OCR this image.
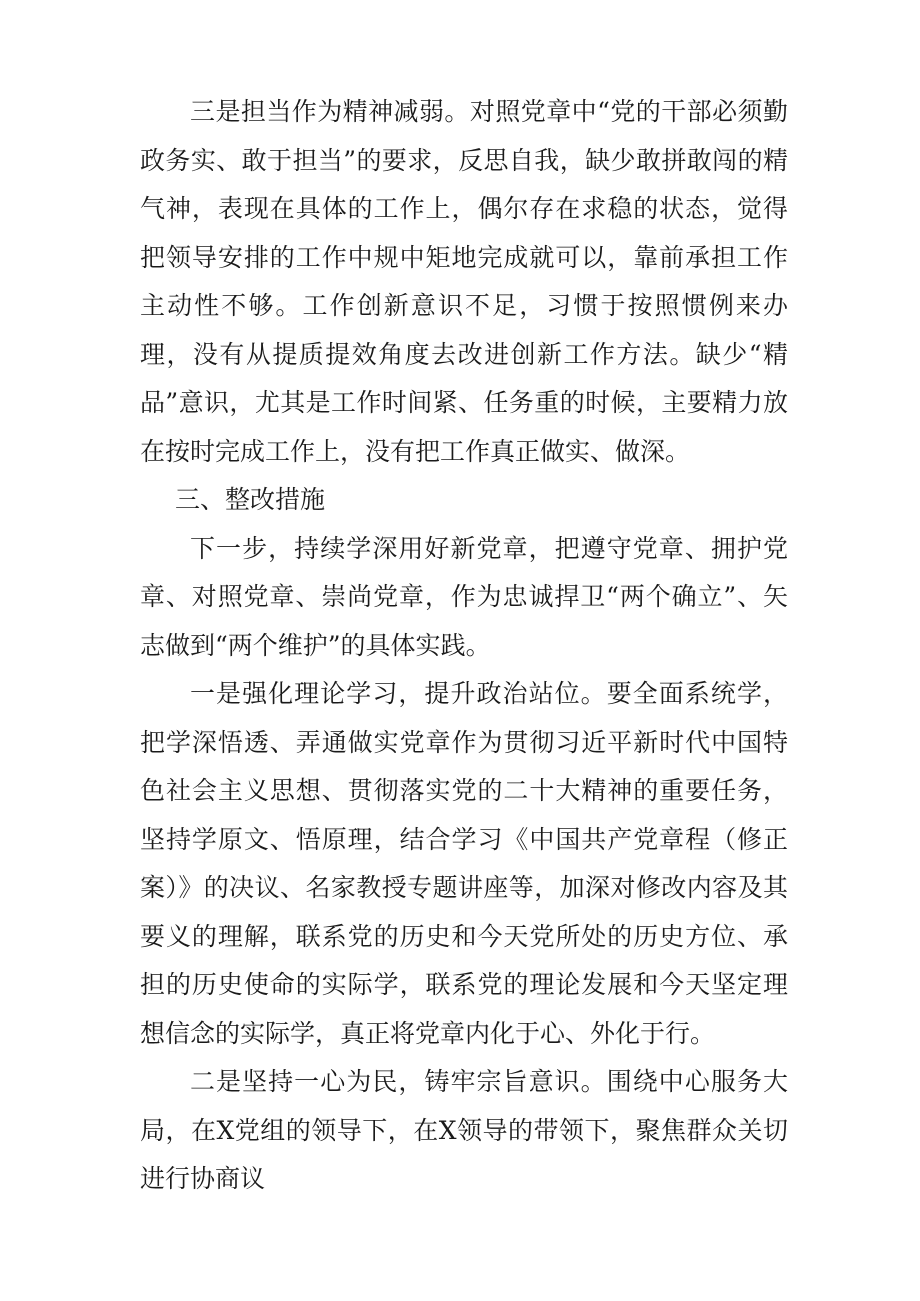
三是担当作为精神减弱。对照党章中“党的干部必须勤政务实、敢于担当”的要求，反思自我，缺少敢拼敢闯的精气神，表现在具体的工作上，偶尔存在求稳的状态，觉得把领导安排的工作中规中矩地完成就可以，靠前承担工作主动性不够。工作创新意识不足，习惯于按照惯例来办理，没有从提质提效角度去改进创新工作方法。缺少“精品”意识，尤其是工作时间紧、任务重的时候，主要精力放在按时完成工作上，没有把工作真正做实、做深。

三、整改措施

下一步，持续学深用好新党章，把遵守党章、拥护党章、对照党章、崇尚党章，作为忠诚捍卫“两个确立”、矢志做到“两个维护”的具体实践。

一是强化理论学习，提升政治站位。要全面系统学，把学深悟透、弄通做实党章作为贯彻习近平新时代中国特色社会主义思想、贯彻落实党的二十大精神的重要任务，坚持学原文、悟原理，结合学习《中国共产党章程（修正案）》的决议、名家教授专题讲座等，加深对修改内容及其要义的理解，联系党的历史和今天党所处的历史方位、承担的历史使命的实际学，联系党的理论发展和今天坚定理想信念的实际学，真正将党章内化于心、外化于行。

二是坚持一心为民，铸牢宗旨意识。围绕中心服务大局，在X党组的领导下，在X领导的带领下，聚焦群众关切进行协商议
